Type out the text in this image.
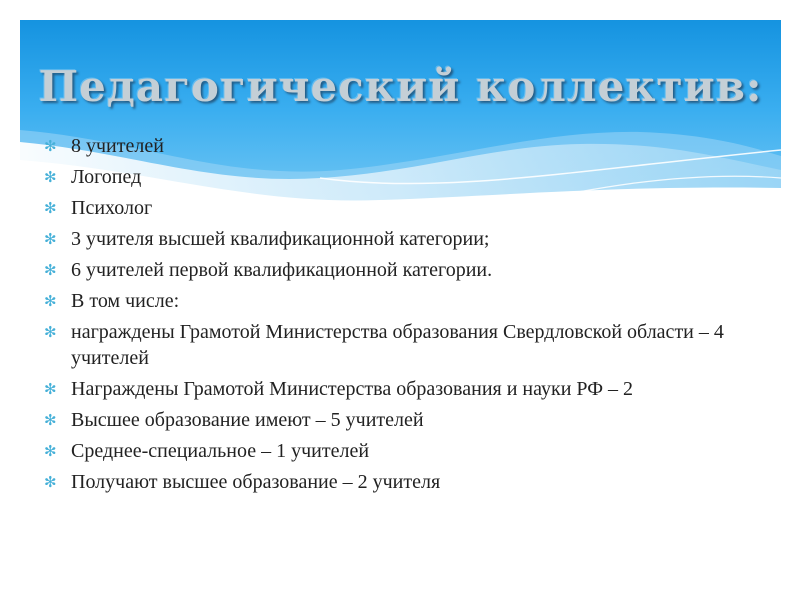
Педагогический коллектив:
✻ 8 учителей
✻ Логопед
✻ Психолог
✻ 3 учителя высшей квалификационной категории;
✻ 6 учителей первой квалификационной категории.
✻ В том числе:
✻ награждены Грамотой Министерства образования Свердловской области – 4 учителей
✻ Награждены Грамотой Министерства образования и науки РФ – 2
✻ Высшее образование имеют – 5 учителей
✻ Среднее-специальное – 1 учителей
✻ Получают высшее образование – 2 учителя
